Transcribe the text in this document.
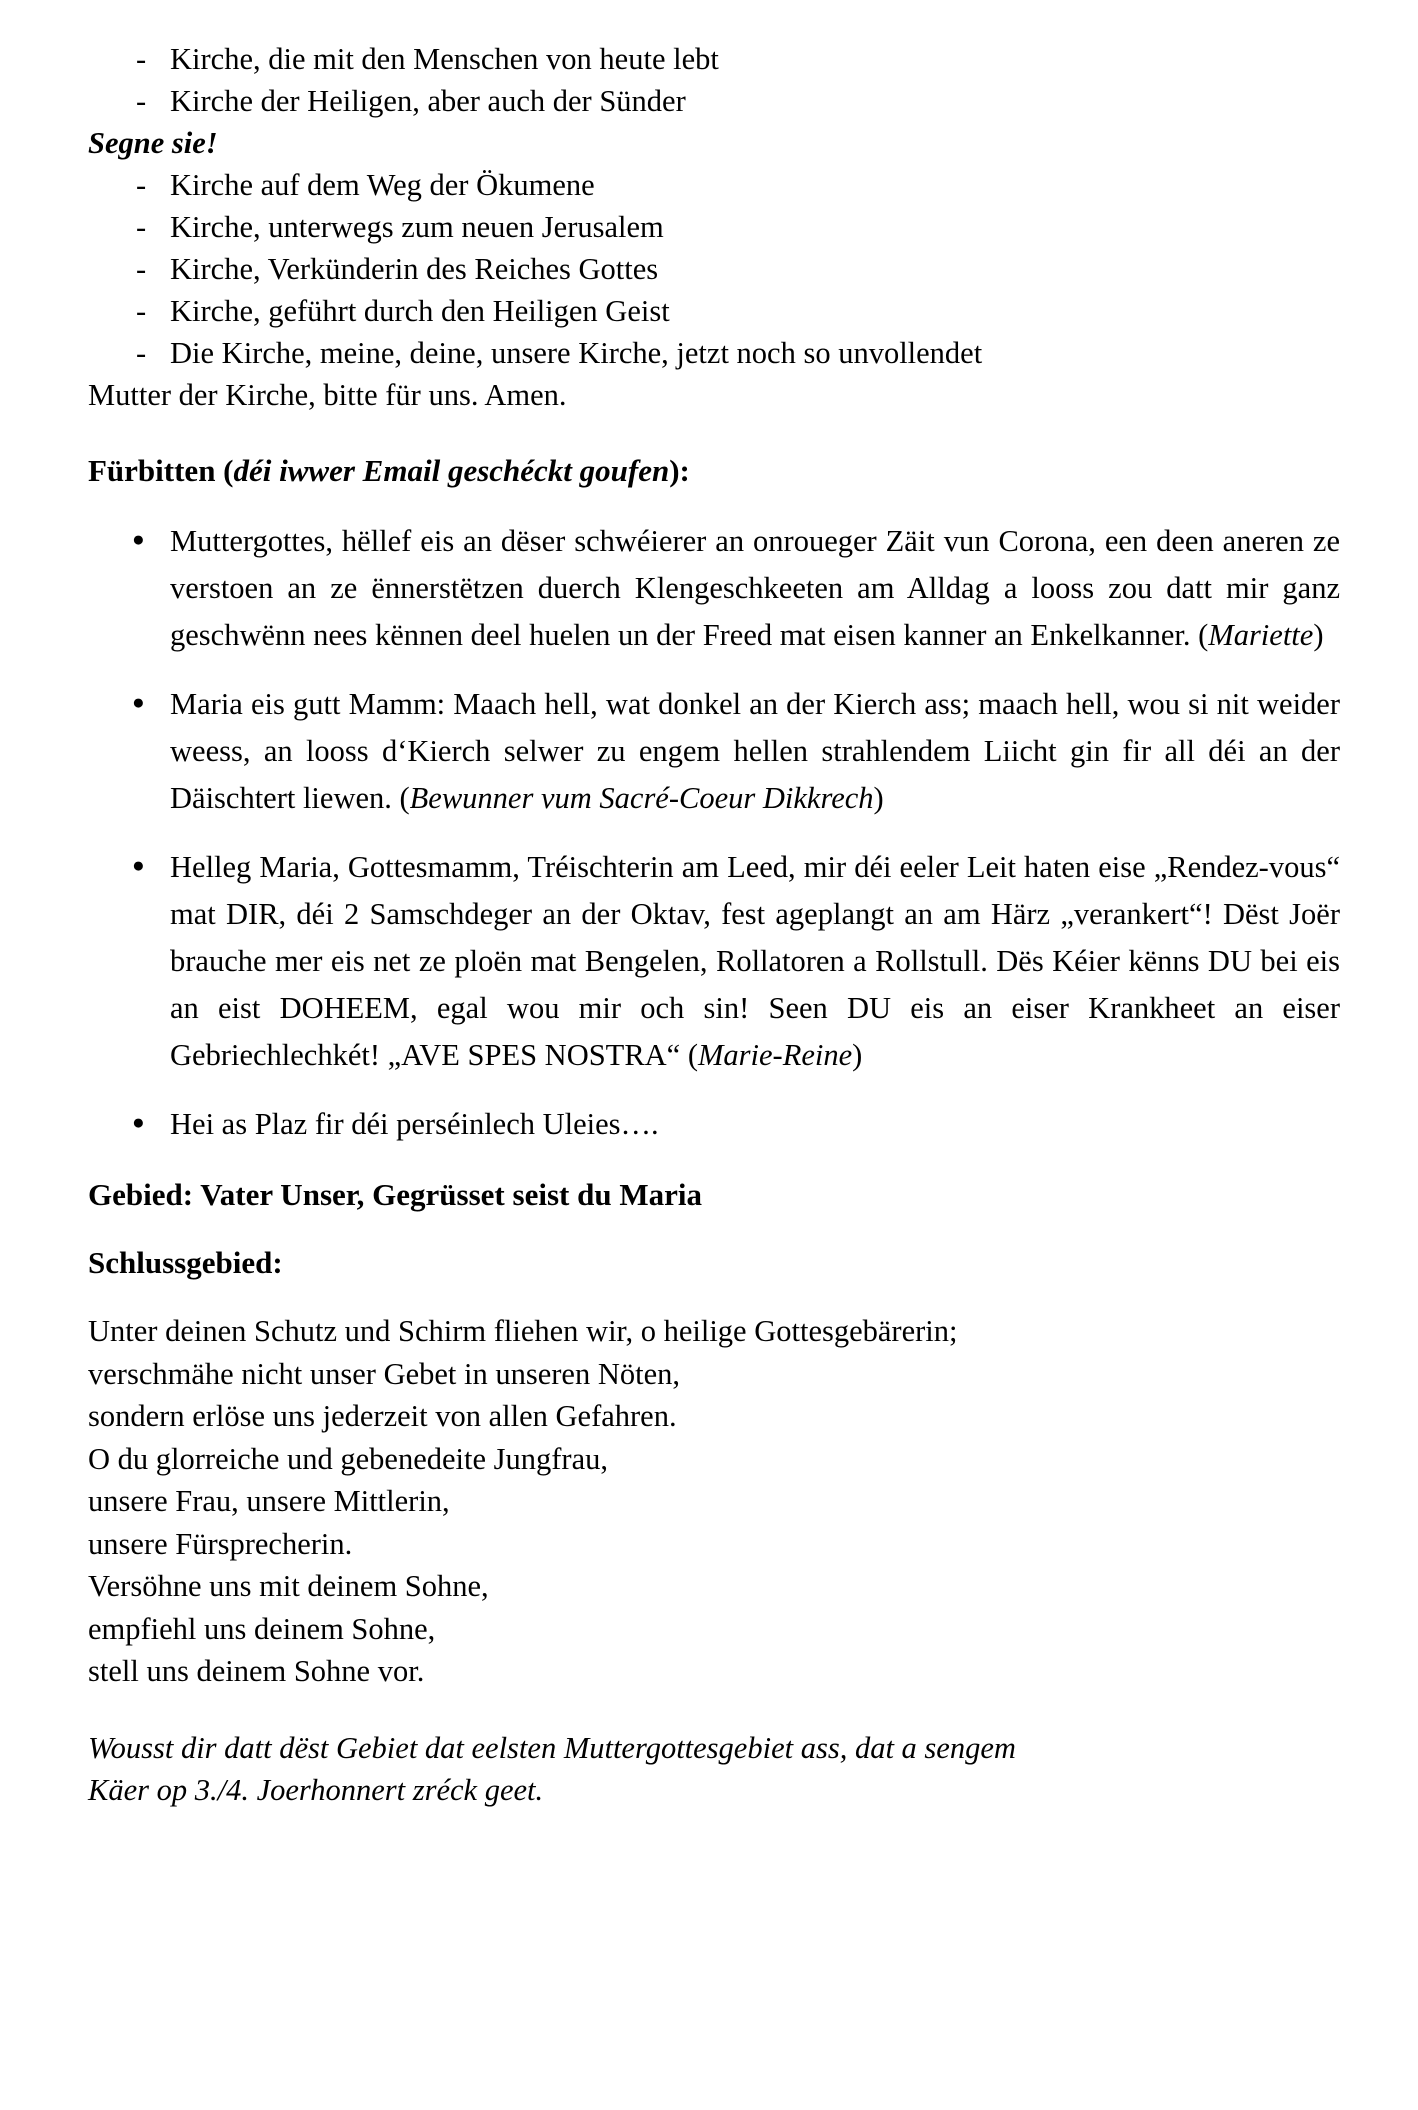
- Kirche, die mit den Menschen von heute lebt
- Kirche der Heiligen, aber auch der Sünder
Segne sie!
- Kirche auf dem Weg der Ökumene
- Kirche, unterwegs zum neuen Jerusalem
- Kirche, Verkünderin des Reiches Gottes
- Kirche, geführt durch den Heiligen Geist
- Die Kirche, meine, deine, unsere Kirche, jetzt noch so unvollendet
Mutter der Kirche, bitte für uns. Amen.
Fürbitten (déi iwwer Email geschéckt goufen):
● Muttergottes, hëllef eis an dëser schwéierer an onroueger Zäit vun Corona, een deen aneren ze verstoen an ze ënnerstëtzen duerch Klengeschkeeten am Alldag a looss zou datt mir ganz geschwënn nees kënnen deel huelen un der Freed mat eisen kanner an Enkelkanner. (Mariette)
● Maria eis gutt Mamm: Maach hell, wat donkel an der Kierch ass; maach hell, wou si nit weider weess, an looss d‘Kierch selwer zu engem hellen strahlendem Liicht gin fir all déi an der Däischtert liewen. (Bewunner vum Sacré-Coeur Dikkrech)
● Helleg Maria, Gottesmamm, Tréischterin am Leed, mir déi eeler Leit haten eise „Rendez-vous“ mat DIR, déi 2 Samschdeger an der Oktav, fest ageplangt an am Härz „verankert“! Dëst Joër brauche mer eis net ze ploën mat Bengelen, Rollatoren a Rollstull. Dës Kéier kënns DU bei eis an eist DOHEEM, egal wou mir och sin! Seen DU eis an eiser Krankheet an eiser Gebriechlechkét! „AVE SPES NOSTRA“ (Marie-Reine)
● Hei as Plaz fir déi perséinlech Uleies….
Gebied: Vater Unser, Gegrüsset seist du Maria
Schlussgebied:
Unter deinen Schutz und Schirm fliehen wir, o heilige Gottesgebärerin;
verschmähe nicht unser Gebet in unseren Nöten,
sondern erlöse uns jederzeit von allen Gefahren.
O du glorreiche und gebenedeite Jungfrau,
unsere Frau, unsere Mittlerin,
unsere Fürsprecherin.
Versöhne uns mit deinem Sohne,
empfiehl uns deinem Sohne,
stell uns deinem Sohne vor.
Wousst dir datt dëst Gebiet dat eelsten Muttergottesgebiet ass, dat a sengem
Käer op 3./4. Joerhonnert zréck geet.
